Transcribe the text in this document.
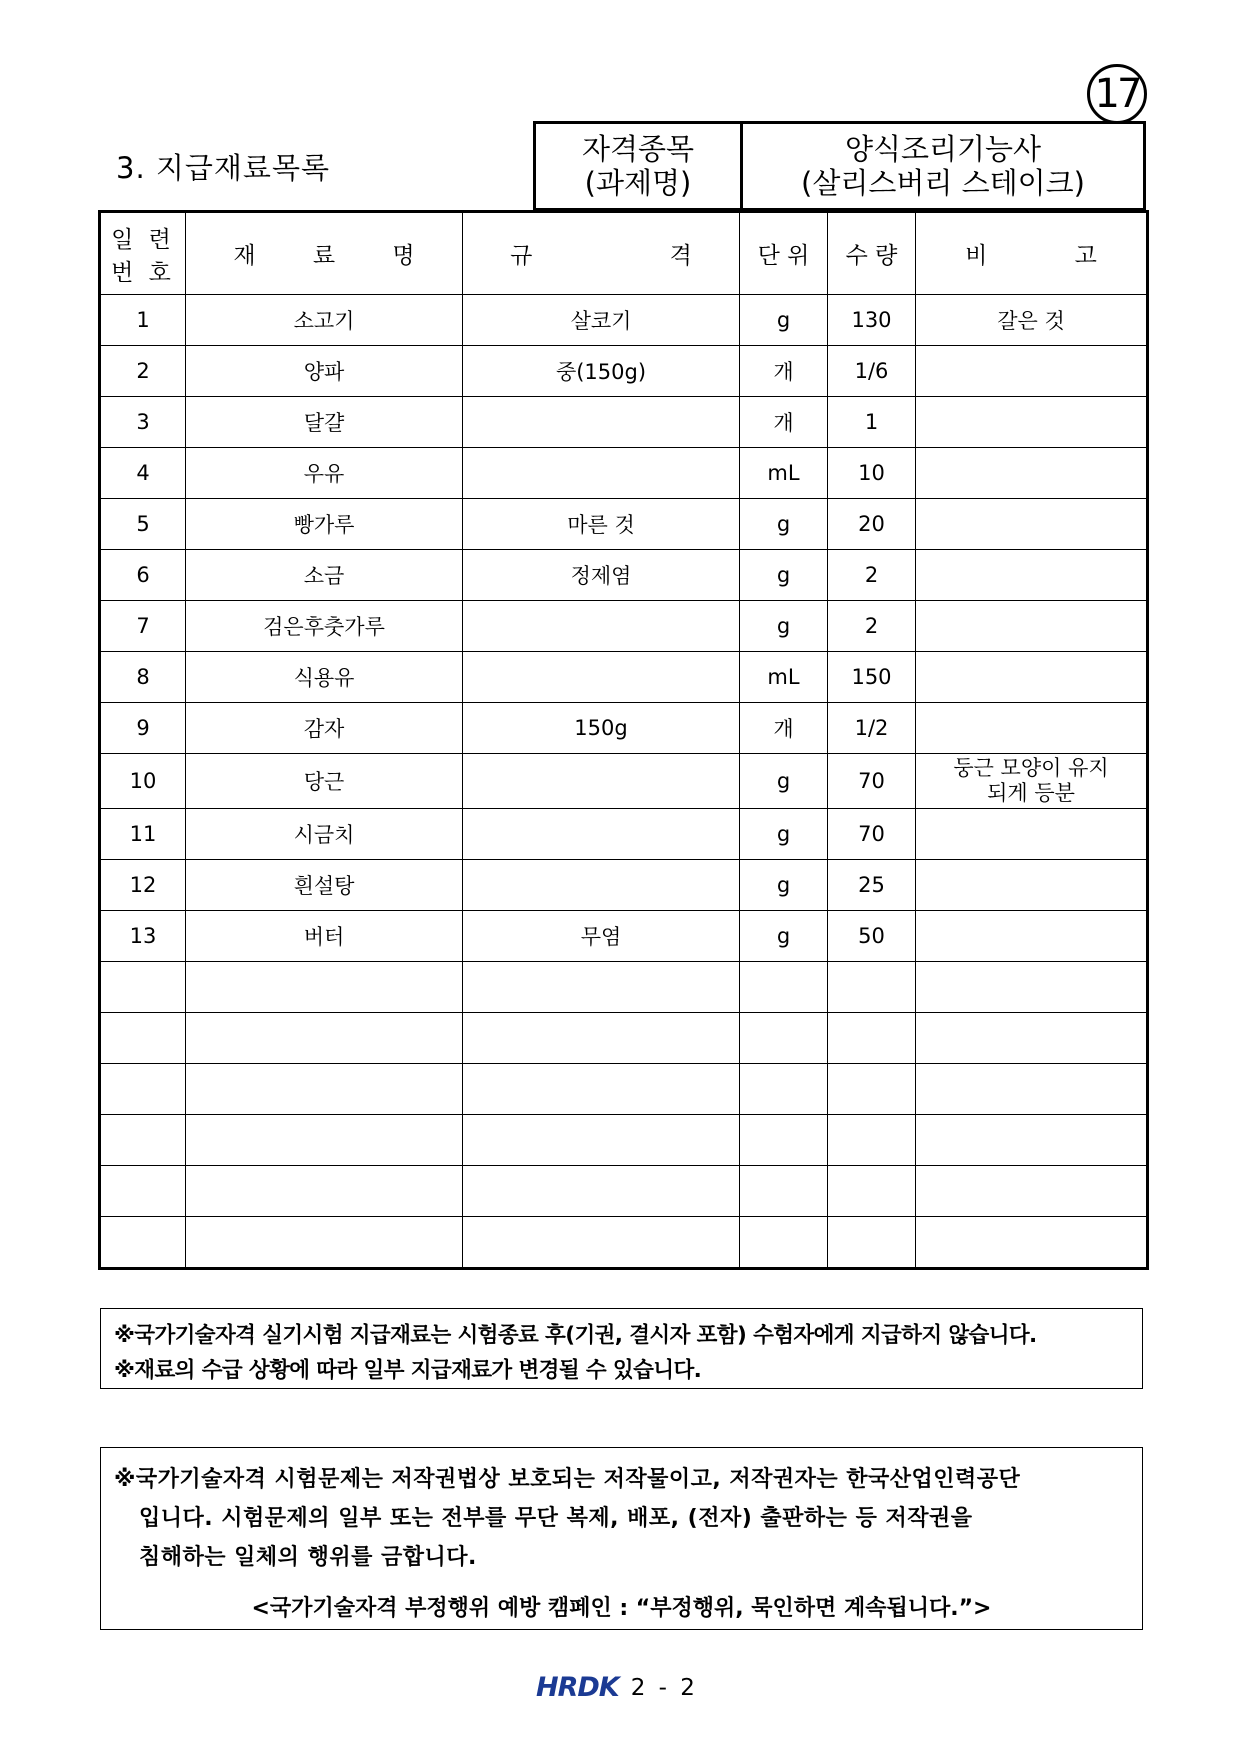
17
3. 지급재료목록
자격종목
(과제명)

양식조리기능사
(살리스버리 스테이크)
일 련
번 호	재 료 명	규 격	단 위	수 량	비 고
1	소고기	살코기	g	130	갈은 것
2	양파	중(150g)	개	1/6	
3	달걀		개	1	
4	우유		mL	10	
5	빵가루	마른 것	g	20	
6	소금	정제염	g	2	
7	검은후춧가루		g	2	
8	식용유		mL	150	
9	감자	150g	개	1/2	
10	당근		g	70	둥근 모양이 유지
되게 등분

11	시금치		g	70	
12	흰설탕		g	25	
13	버터	무염	g	50	

※국가기술자격 실기시험 지급재료는 시험종료 후(기권, 결시자 포함) 수험자에게 지급하지 않습니다.
※재료의 수급 상황에 따라 일부 지급재료가 변경될 수 있습니다.
※국가기술자격 시험문제는 저작권법상 보호되는 저작물이고, 저작권자는 한국산업인력공단
입니다. 시험문제의 일부 또는 전부를 무단 복제, 배포, (전자) 출판하는 등 저작권을
침해하는 일체의 행위를 금합니다.
<국가기술자격 부정행위 예방 캠페인 : “부정행위, 묵인하면 계속됩니다.”>
HRDK 2 - 2
